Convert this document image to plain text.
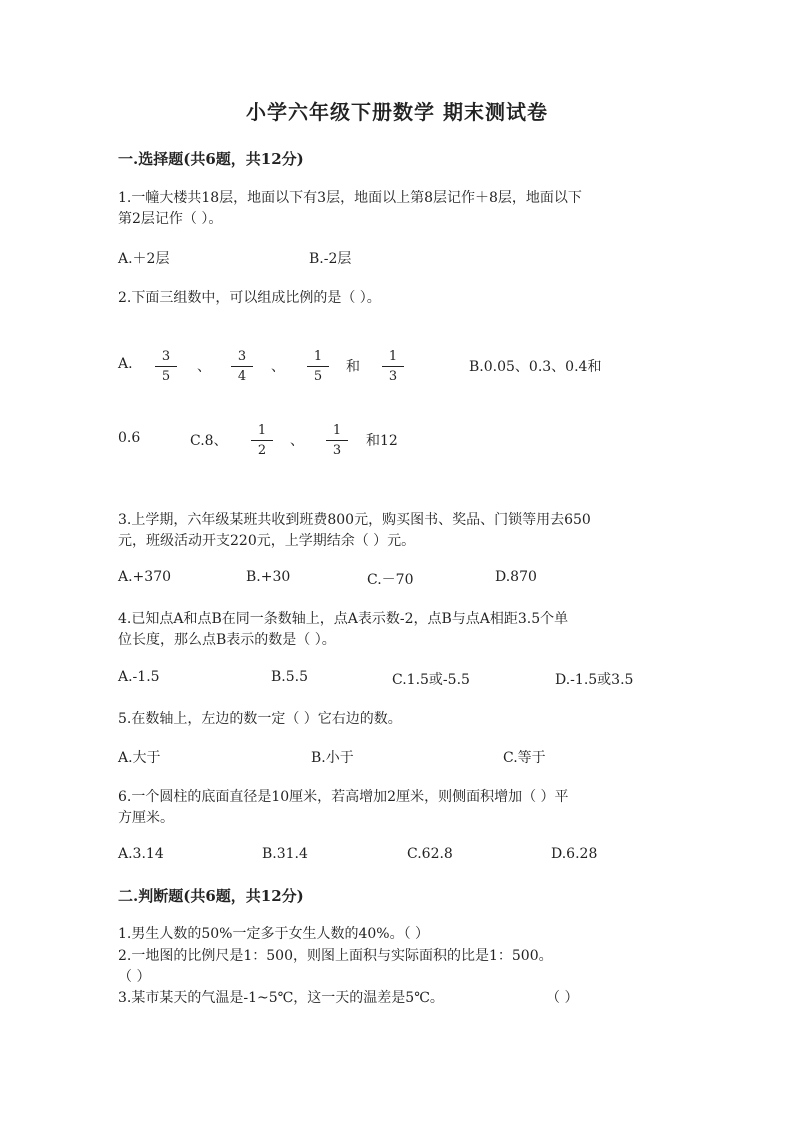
小学六年级下册数学 期末测试卷
一.选择题(共6题，共12分)
1.一幢大楼共18层，地面以下有3层，地面以上第8层记作＋8层，地面以下
第2层记作（ ）。
A.＋2层	B.-2层
2.下面三组数中，可以组成比例的是（ ）。
A. $\frac{3}{5}$ 、 $\frac{3}{4}$ 、 $\frac{1}{5}$ 和 $\frac{1}{3}$	B.0.05、0.3、0.4和
0.6	C.8、 $\frac{1}{2}$ 、 $\frac{1}{3}$ 和12
3.上学期，六年级某班共收到班费800元，购买图书、奖品、门锁等用去650
元，班级活动开支220元，上学期结余（ ）元。
A.+370	B.+30	C.－70	D.870
4.已知点A和点B在同一条数轴上，点A表示数-2，点B与点A相距3.5个单
位长度，那么点B表示的数是（ ）。
A.-1.5	B.5.5	C.1.5或-5.5	D.-1.5或3.5
5.在数轴上，左边的数一定（ ）它右边的数。
A.大于	B.小于	C.等于
6.一个圆柱的底面直径是10厘米，若高增加2厘米，则侧面积增加（ ）平
方厘米。
A.3.14	B.31.4	C.62.8	D.6.28
二.判断题(共6题，共12分)
1.男生人数的50%一定多于女生人数的40%。（ ）
2.一地图的比例尺是1：500，则图上面积与实际面积的比是1：500。
（ ）
3.某市某天的气温是-1~5℃，这一天的温差是5℃。	（ ）
